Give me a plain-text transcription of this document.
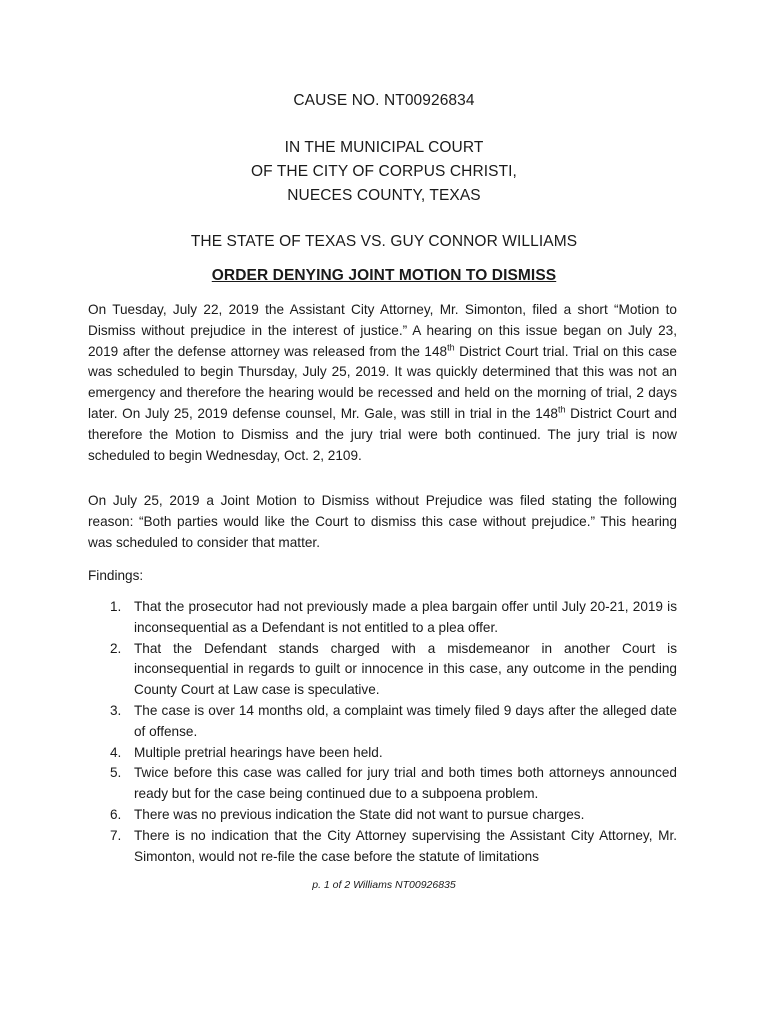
CAUSE NO. NT00926834
IN THE MUNICIPAL COURT
OF THE CITY OF CORPUS CHRISTI,
NUECES COUNTY, TEXAS
THE STATE OF TEXAS VS. GUY CONNOR WILLIAMS
ORDER DENYING JOINT MOTION TO DISMISS

On Tuesday, July 22, 2019 the Assistant City Attorney, Mr. Simonton, filed a short “Motion to Dismiss without prejudice in the interest of justice.” A hearing on this issue began on July 23, 2019 after the defense attorney was released from the 148th District Court trial. Trial on this case was scheduled to begin Thursday, July 25, 2019. It was quickly determined that this was not an emergency and therefore the hearing would be recessed and held on the morning of trial, 2 days later. On July 25, 2019 defense counsel, Mr. Gale, was still in trial in the 148th District Court and therefore the Motion to Dismiss and the jury trial were both continued. The jury trial is now scheduled to begin Wednesday, Oct. 2, 2109.

On July 25, 2019 a Joint Motion to Dismiss without Prejudice was filed stating the following reason: “Both parties would like the Court to dismiss this case without prejudice.” This hearing was scheduled to consider that matter.

Findings:

1. That the prosecutor had not previously made a plea bargain offer until July 20-21, 2019 is inconsequential as a Defendant is not entitled to a plea offer.
2. That the Defendant stands charged with a misdemeanor in another Court is inconsequential in regards to guilt or innocence in this case, any outcome in the pending County Court at Law case is speculative.
3. The case is over 14 months old, a complaint was timely filed 9 days after the alleged date of offense.
4. Multiple pretrial hearings have been held.
5. Twice before this case was called for jury trial and both times both attorneys announced ready but for the case being continued due to a subpoena problem.
6. There was no previous indication the State did not want to pursue charges.
7. There is no indication that the City Attorney supervising the Assistant City Attorney, Mr. Simonton, would not re-file the case before the statute of limitations
p. 1 of 2 Williams NT00926835
